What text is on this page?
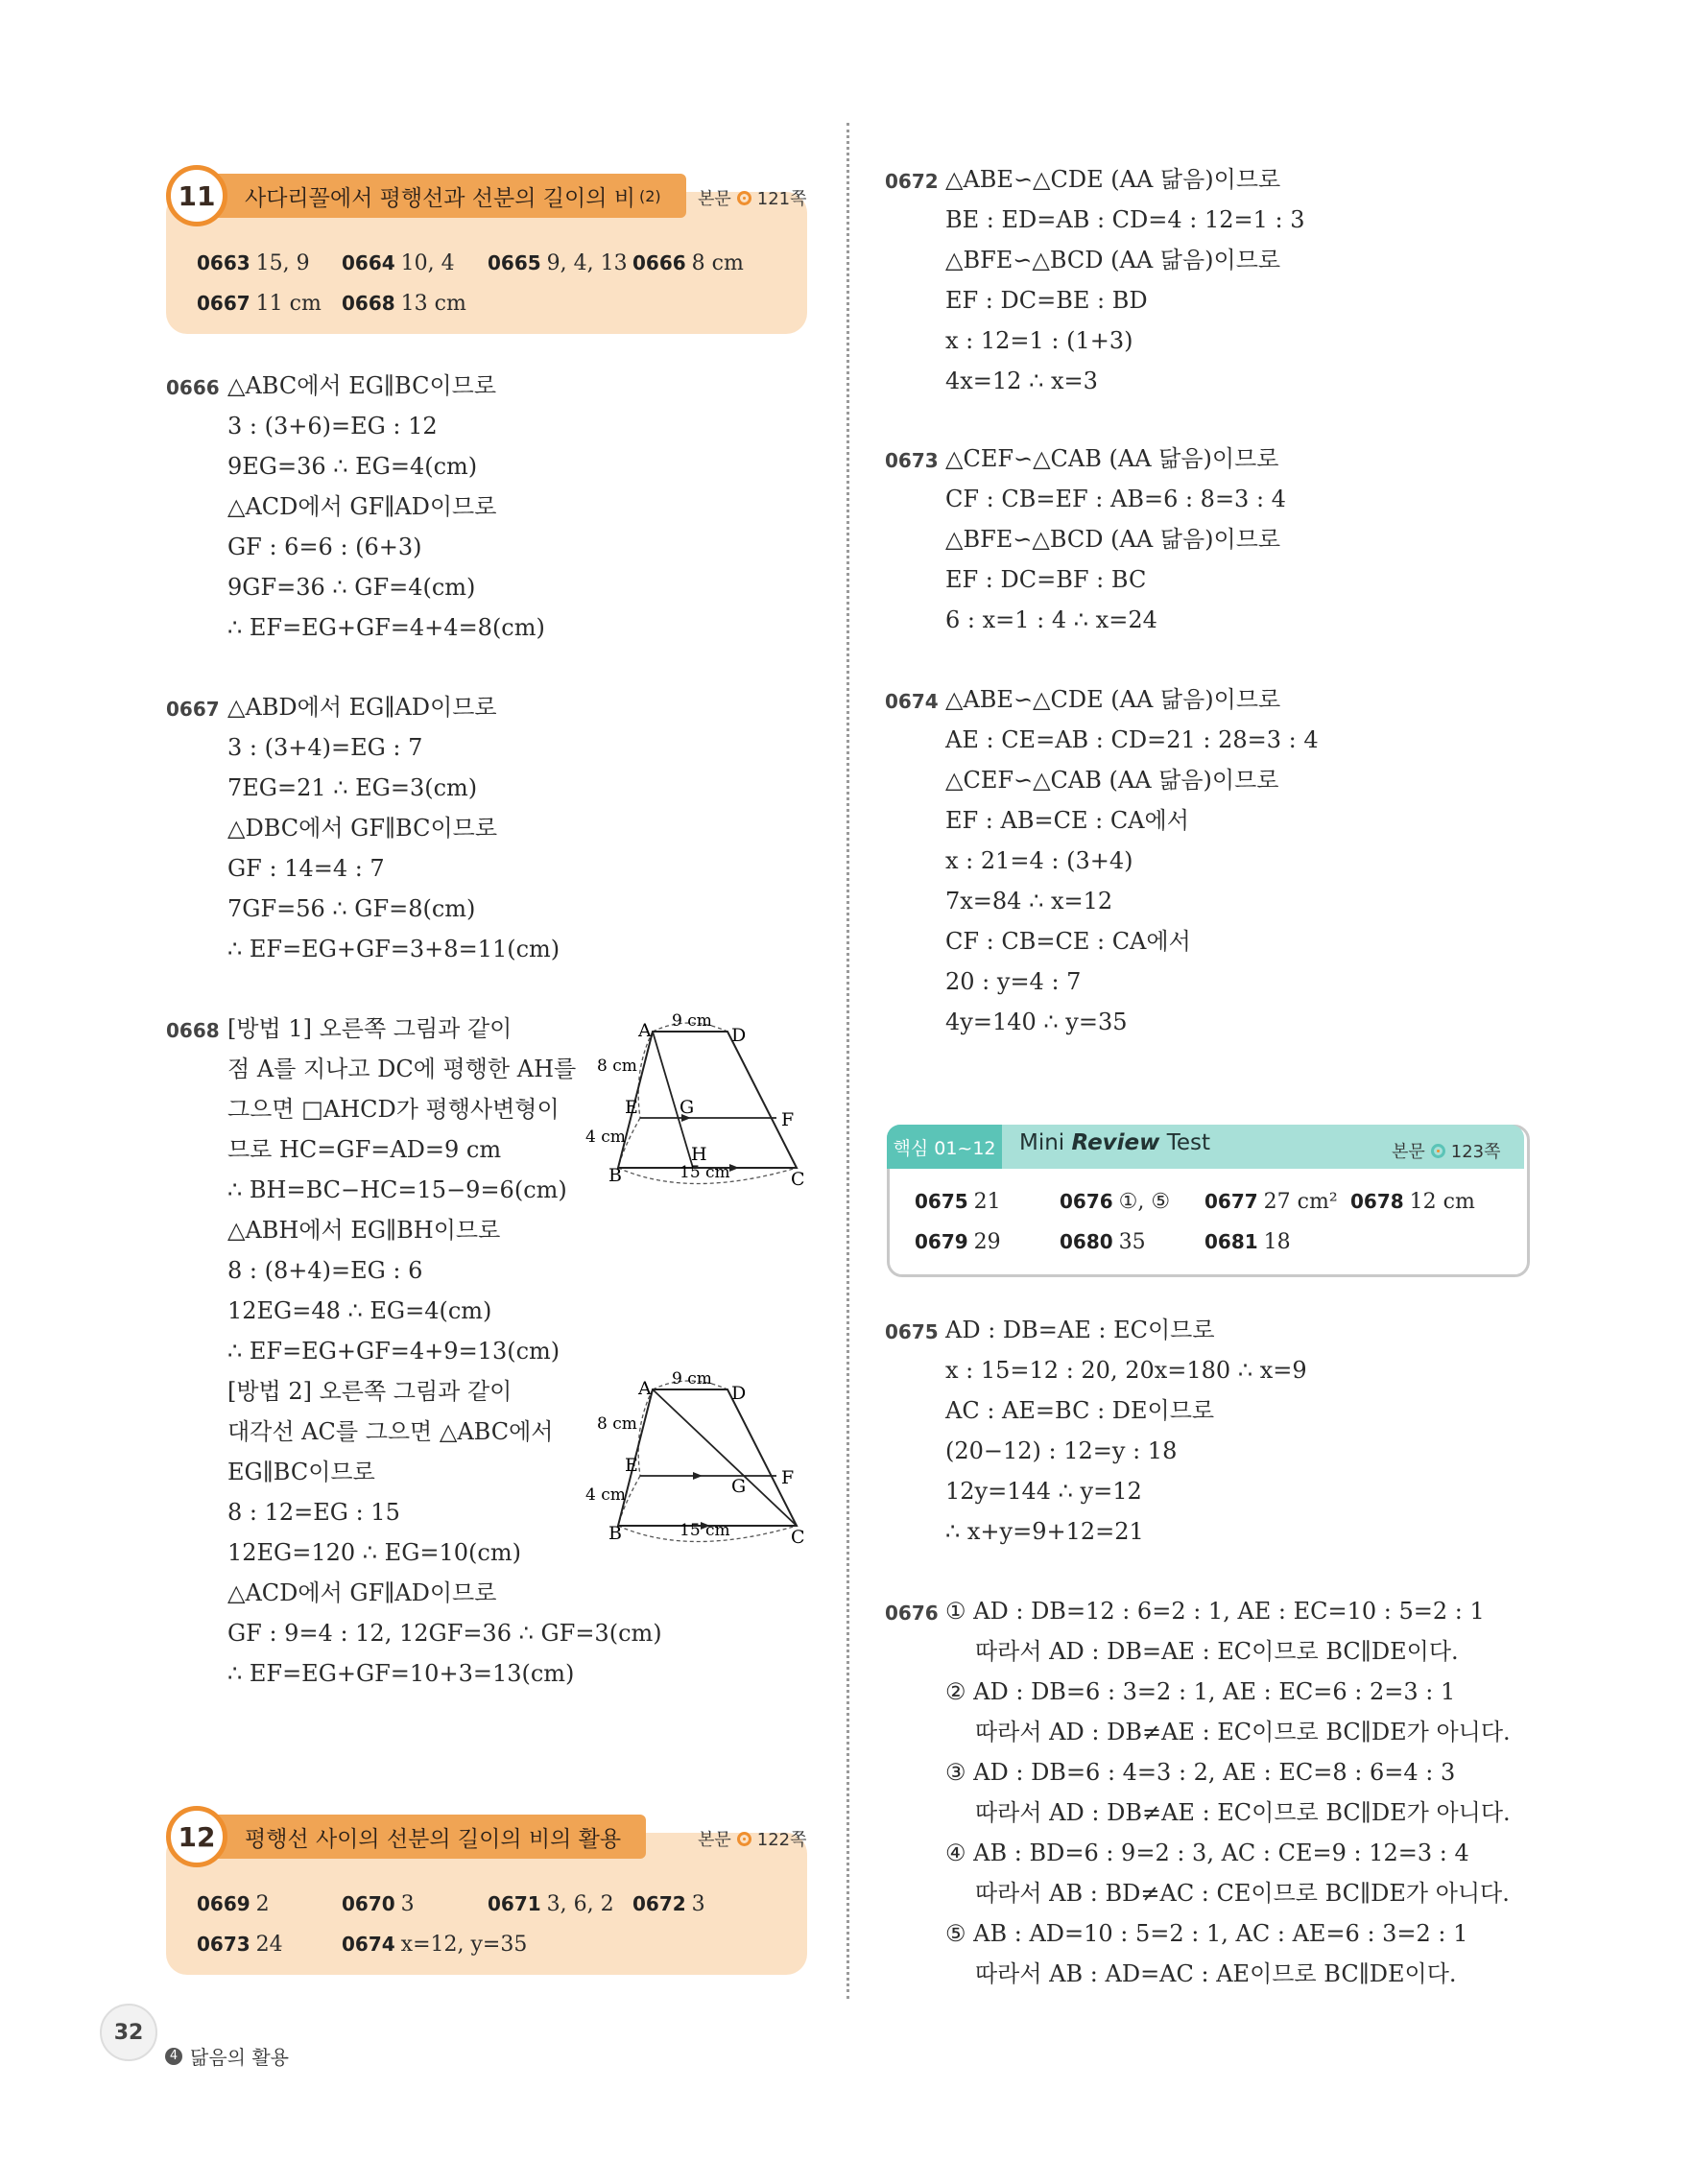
11	사다리꼴에서 평행선과 선분의 길이의 비 (2) 본문 121쪽
0663 15, 9 0664 10, 4 0665 9, 4, 13 0666 8 cm
0667 11 cm 0668 13 cm
0666 △ABC에서 EG∥BC이므로
3 : (3+6)=EG : 12
9EG=36 ∴ EG=4(cm)
△ACD에서 GF∥AD이므로
GF : 6=6 : (6+3)
9GF=36 ∴ GF=4(cm)
∴ EF=EG+GF=4+4=8(cm)
0667 △ABD에서 EG∥AD이므로
3 : (3+4)=EG : 7
7EG=21 ∴ EG=3(cm)
△DBC에서 GF∥BC이므로
GF : 14=4 : 7
7GF=56 ∴ GF=8(cm)
∴ EF=EG+GF=3+8=11(cm)
0668 [방법 1] 오른쪽 그림과 같이
점 A를 지나고 DC에 평행한 AH를
그으면 □AHCD가 평행사변형이
므로 HC=GF=AD=9 cm
∴ BH=BC−HC=15−9=6(cm)
△ABH에서 EG∥BH이므로
8 : (8+4)=EG : 6
12EG=48 ∴ EG=4(cm)
∴ EF=EG+GF=4+9=13(cm)
[방법 2] 오른쪽 그림과 같이
대각선 AC를 그으면 △ABC에서
EG∥BC이므로
8 : 12=EG : 15
12EG=120 ∴ EG=10(cm)
△ACD에서 GF∥AD이므로
GF : 9=4 : 12, 12GF=36 ∴ GF=3(cm)
∴ EF=EG+GF=10+3=13(cm)
A	D
E G
F
H
B	C
9 cm
8 cm
4 cm
15 cm
A	D
E
G F
B	C
9 cm
8 cm
4 cm
15 cm
12	평행선 사이의 선분의 길이의 비의 활용	본문 122쪽
0669 2	0670 3	0671 3, 6, 2 0672 3
0673 24	0674 x=12, y=35
0672 △ABE∽△CDE (AA 닮음)이므로
BE : ED=AB : CD=4 : 12=1 : 3
△BFE∽△BCD (AA 닮음)이므로
EF : DC=BE : BD
x : 12=1 : (1+3)
4x=12 ∴ x=3
0673 △CEF∽△CAB (AA 닮음)이므로
CF : CB=EF : AB=6 : 8=3 : 4
△BFE∽△BCD (AA 닮음)이므로
EF : DC=BF : BC
6 : x=1 : 4 ∴ x=24
0674 △ABE∽△CDE (AA 닮음)이므로
AE : CE=AB : CD=21 : 28=3 : 4
△CEF∽△CAB (AA 닮음)이므로
EF : AB=CE : CA에서
x : 21=4 : (3+4)
7x=84 ∴ x=12
CF : CB=CE : CA에서
20 : y=4 : 7
4y=140 ∴ y=35
핵심 01~12 Mini Review Test	본문 123쪽
0675 21	0676 ①, ⑤ 0677 27 cm² 0678 12 cm
0679 29	0680 35	0681 18
0675 AD : DB=AE : EC이므로
x : 15=12 : 20, 20x=180 ∴ x=9
AC : AE=BC : DE이므로
(20−12) : 12=y : 18
12y=144 ∴ y=12
∴ x+y=9+12=21
0676 ① AD : DB=12 : 6=2 : 1, AE : EC=10 : 5=2 : 1
따라서 AD : DB=AE : EC이므로 BC∥DE이다.
② AD : DB=6 : 3=2 : 1, AE : EC=6 : 2=3 : 1
따라서 AD : DB≠AE : EC이므로 BC∥DE가 아니다.
③ AD : DB=6 : 4=3 : 2, AE : EC=8 : 6=4 : 3
따라서 AD : DB≠AE : EC이므로 BC∥DE가 아니다.
④ AB : BD=6 : 9=2 : 3, AC : CE=9 : 12=3 : 4
따라서 AB : BD≠AC : CE이므로 BC∥DE가 아니다.
⑤ AB : AD=10 : 5=2 : 1, AC : AE=6 : 3=2 : 1
따라서 AB : AD=AC : AE이므로 BC∥DE이다.
32
4 닮음의 활용
